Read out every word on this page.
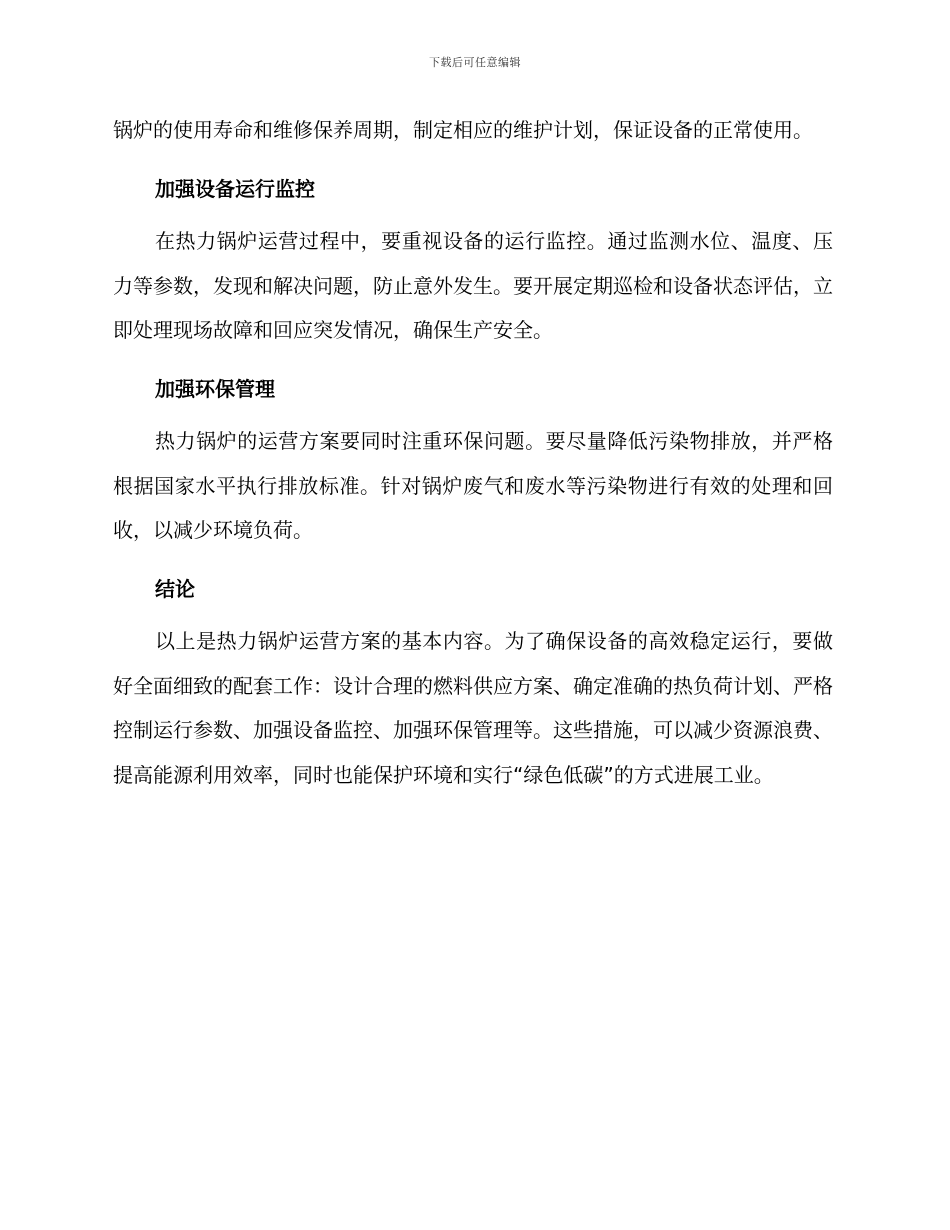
下载后可任意编辑

锅炉的使用寿命和维修保养周期，制定相应的维护计划，保证设备的正常使用。

加强设备运行监控

在热力锅炉运营过程中，要重视设备的运行监控。通过监测水位、温度、压力等参数，发现和解决问题，防止意外发生。要开展定期巡检和设备状态评估，立即处理现场故障和回应突发情况，确保生产安全。

加强环保管理

热力锅炉的运营方案要同时注重环保问题。要尽量降低污染物排放，并严格根据国家水平执行排放标准。针对锅炉废气和废水等污染物进行有效的处理和回收，以减少环境负荷。

结论

以上是热力锅炉运营方案的基本内容。为了确保设备的高效稳定运行，要做好全面细致的配套工作：设计合理的燃料供应方案、确定准确的热负荷计划、严格控制运行参数、加强设备监控、加强环保管理等。这些措施，可以减少资源浪费、提高能源利用效率，同时也能保护环境和实行“绿色低碳”的方式进展工业。
